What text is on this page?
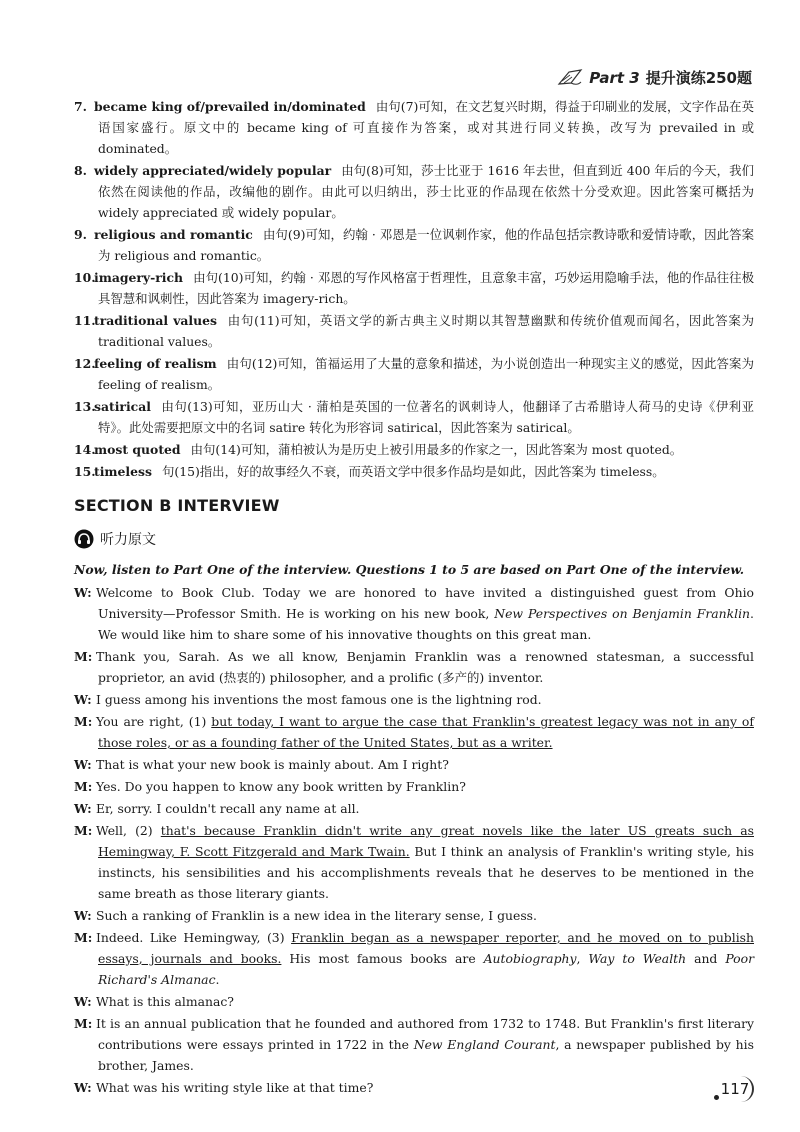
Part 3 提升演练250题
7. became king of/prevailed in/dominated 由句(7)可知，在文艺复兴时期，得益于印刷业的发展，文字作品在英语国家盛行。原文中的 became king of 可直接作为答案，或对其进行同义转换，改写为 prevailed in 或 dominated。
8. widely appreciated/widely popular 由句(8)可知，莎士比亚于 1616 年去世，但直到近 400 年后的今天，我们依然在阅读他的作品，改编他的剧作。由此可以归纳出，莎士比亚的作品现在依然十分受欢迎。因此答案可概括为 widely appreciated 或 widely popular。
9. religious and romantic 由句(9)可知，约翰 · 邓恩是一位讽刺作家，他的作品包括宗教诗歌和爱情诗歌，因此答案为 religious and romantic。
10.imagery-rich 由句(10)可知，约翰 · 邓恩的写作风格富于哲理性，且意象丰富，巧妙运用隐喻手法，他的作品往往极具智慧和讽刺性，因此答案为 imagery-rich。
11.traditional values 由句(11)可知，英语文学的新古典主义时期以其智慧幽默和传统价值观而闻名，因此答案为 traditional values。
12.feeling of realism 由句(12)可知，笛福运用了大量的意象和描述，为小说创造出一种现实主义的感觉，因此答案为 feeling of realism。
13.satirical 由句(13)可知，亚历山大 · 蒲柏是英国的一位著名的讽刺诗人，他翻译了古希腊诗人荷马的史诗《伊利亚特》。此处需要把原文中的名词 satire 转化为形容词 satirical，因此答案为 satirical。
14.most quoted 由句(14)可知，蒲柏被认为是历史上被引用最多的作家之一，因此答案为 most quoted。
15.timeless 句(15)指出，好的故事经久不衰，而英语文学中很多作品均是如此，因此答案为 timeless。
SECTION B INTERVIEW
听力原文
Now, listen to Part One of the interview. Questions 1 to 5 are based on Part One of the interview.
W: Welcome to Book Club. Today we are honored to have invited a distinguished guest from Ohio University—Professor Smith. He is working on his new book, New Perspectives on Benjamin Franklin. We would like him to share some of his innovative thoughts on this great man.
M: Thank you, Sarah. As we all know, Benjamin Franklin was a renowned statesman, a successful proprietor, an avid (热衷的) philosopher, and a prolific (多产的) inventor.
W: I guess among his inventions the most famous one is the lightning rod.
M: You are right, (1) but today, I want to argue the case that Franklin's greatest legacy was not in any of those roles, or as a founding father of the United States, but as a writer.
W: That is what your new book is mainly about. Am I right?
M: Yes. Do you happen to know any book written by Franklin?
W: Er, sorry. I couldn't recall any name at all.
M: Well, (2) that's because Franklin didn't write any great novels like the later US greats such as Hemingway, F. Scott Fitzgerald and Mark Twain. But I think an analysis of Franklin's writing style, his instincts, his sensibilities and his accomplishments reveals that he deserves to be mentioned in the same breath as those literary giants.
W: Such a ranking of Franklin is a new idea in the literary sense, I guess.
M: Indeed. Like Hemingway, (3) Franklin began as a newspaper reporter, and he moved on to publish essays, journals and books. His most famous books are Autobiography, Way to Wealth and Poor Richard's Almanac.
W: What is this almanac?
M: It is an annual publication that he founded and authored from 1732 to 1748. But Franklin's first literary contributions were essays printed in 1722 in the New England Courant, a newspaper published by his brother, James.
W: What was his writing style like at that time?	117
